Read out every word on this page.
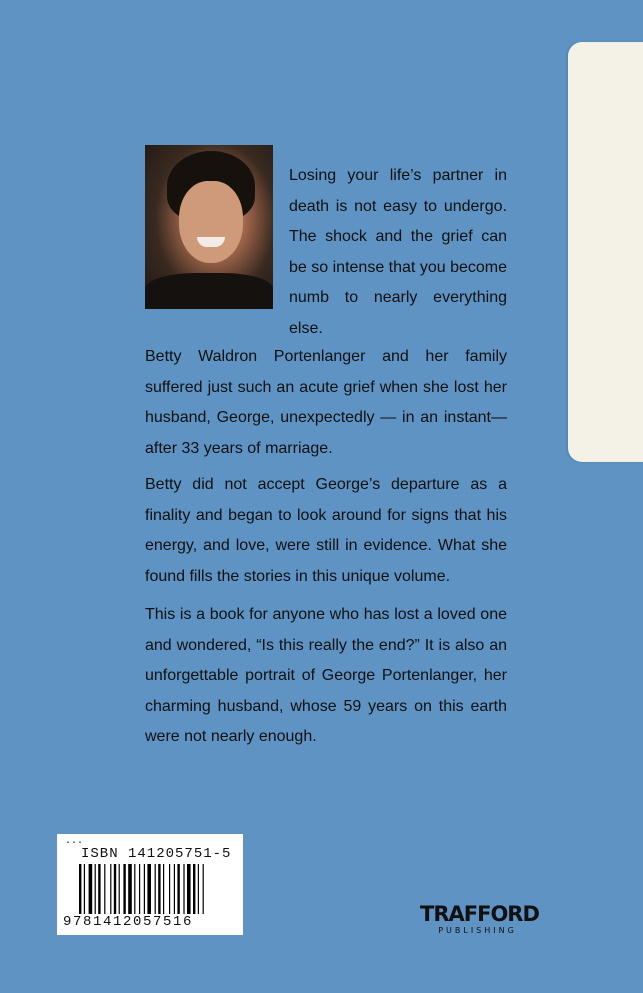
Losing your life’s partner in death is not easy to undergo. The shock and the grief can be so intense that you become numb to nearly everything else.

Betty Waldron Portenlanger and her family suffered just such an acute grief when she lost her husband, George, unexpectedly — in an instant— after 33 years of marriage.

Betty did not accept George’s departure as a finality and began to look around for signs that his energy, and love, were still in evidence. What she found fills the stories in this unique volume.

This is a book for anyone who has lost a loved one and wondered, “Is this really the end?” It is also an unforgettable portrait of George Portenlanger, her charming husband, whose 59 years on this earth were not nearly enough.

...
ISBN 141205751-5
9781412057516	TRAFFORD
PUBLISHING
